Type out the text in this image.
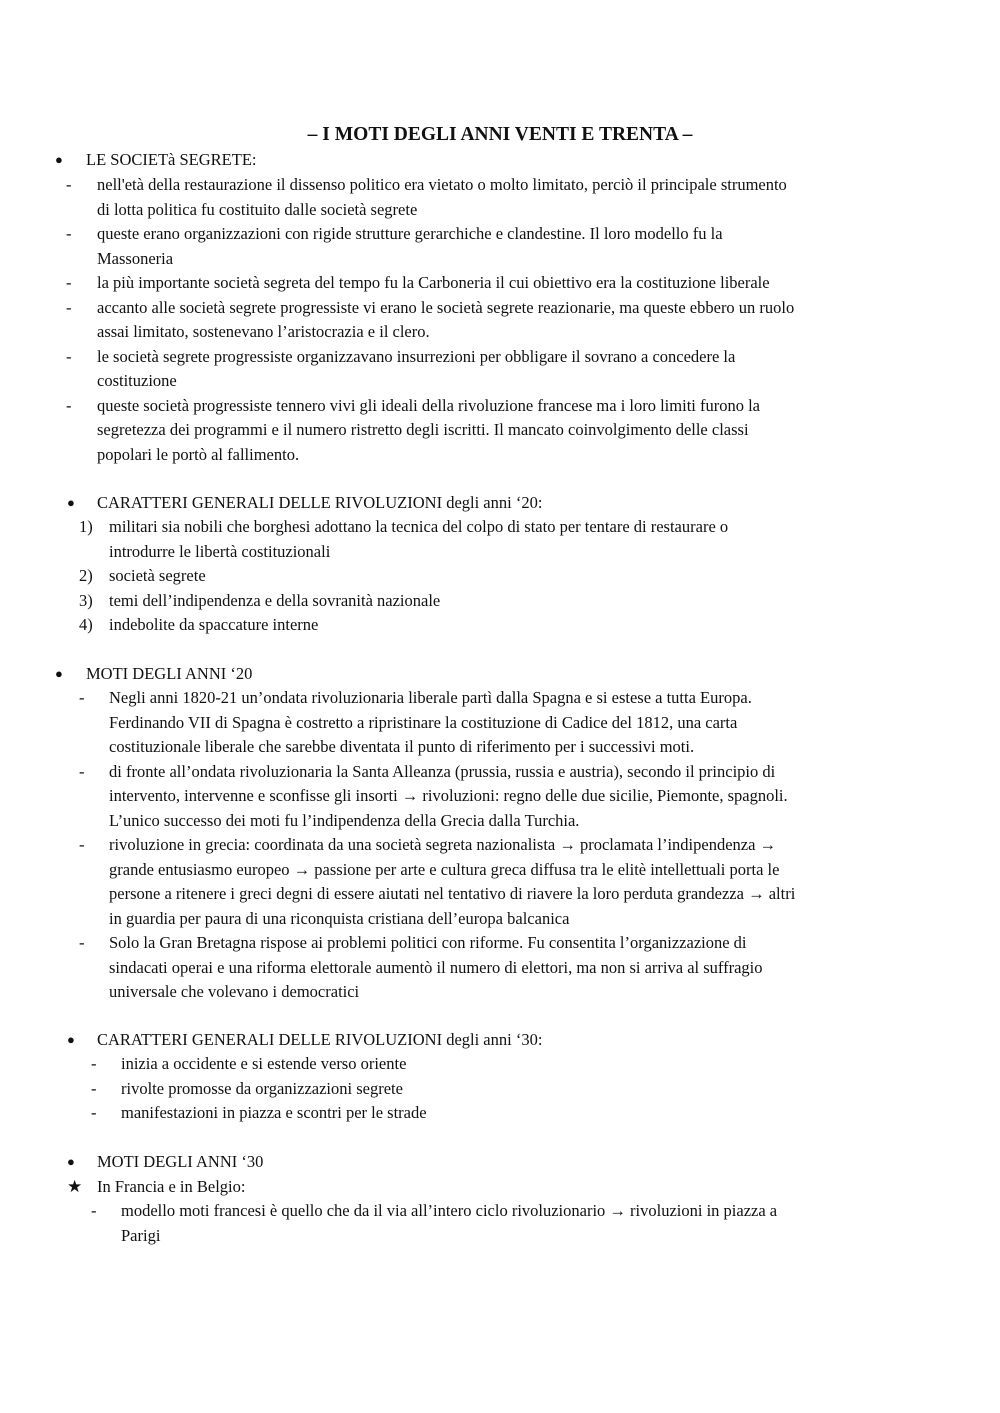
– I MOTI DEGLI ANNI VENTI E TRENTA –
● LE SOCIETà SEGRETE:
- nell'età della restaurazione il dissenso politico era vietato o molto limitato, perciò il principale strumento
di lotta politica fu costituito dalle società segrete
- queste erano organizzazioni con rigide strutture gerarchiche e clandestine. Il loro modello fu la
Massoneria
- la più importante società segreta del tempo fu la Carboneria il cui obiettivo era la costituzione liberale
- accanto alle società segrete progressiste vi erano le società segrete reazionarie, ma queste ebbero un ruolo
assai limitato, sostenevano l’aristocrazia e il clero.
- le società segrete progressiste organizzavano insurrezioni per obbligare il sovrano a concedere la
costituzione
- queste società progressiste tennero vivi gli ideali della rivoluzione francese ma i loro limiti furono la
segretezza dei programmi e il numero ristretto degli iscritti. Il mancato coinvolgimento delle classi
popolari le portò al fallimento.
● CARATTERI GENERALI DELLE RIVOLUZIONI degli anni ‘20:
1) militari sia nobili che borghesi adottano la tecnica del colpo di stato per tentare di restaurare o
introdurre le libertà costituzionali
2) società segrete
3) temi dell’indipendenza e della sovranità nazionale
4) indebolite da spaccature interne
● MOTI DEGLI ANNI ‘20
- Negli anni 1820-21 un’ondata rivoluzionaria liberale partì dalla Spagna e si estese a tutta Europa.
Ferdinando VII di Spagna è costretto a ripristinare la costituzione di Cadice del 1812, una carta
costituzionale liberale che sarebbe diventata il punto di riferimento per i successivi moti.
- di fronte all’ondata rivoluzionaria la Santa Alleanza (prussia, russia e austria), secondo il principio di
intervento, intervenne e sconfisse gli insorti → rivoluzioni: regno delle due sicilie, Piemonte, spagnoli.
L’unico successo dei moti fu l’indipendenza della Grecia dalla Turchia.
- rivoluzione in grecia: coordinata da una società segreta nazionalista → proclamata l’indipendenza →
grande entusiasmo europeo → passione per arte e cultura greca diffusa tra le elitè intellettuali porta le
persone a ritenere i greci degni di essere aiutati nel tentativo di riavere la loro perduta grandezza → altri
in guardia per paura di una riconquista cristiana dell’europa balcanica
- Solo la Gran Bretagna rispose ai problemi politici con riforme. Fu consentita l’organizzazione di
sindacati operai e una riforma elettorale aumentò il numero di elettori, ma non si arriva al suffragio
universale che volevano i democratici
● CARATTERI GENERALI DELLE RIVOLUZIONI degli anni ‘30:
- inizia a occidente e si estende verso oriente
- rivolte promosse da organizzazioni segrete
- manifestazioni in piazza e scontri per le strade
● MOTI DEGLI ANNI ‘30
★ In Francia e in Belgio:
- modello moti francesi è quello che da il via all’intero ciclo rivoluzionario → rivoluzioni in piazza a
Parigi
